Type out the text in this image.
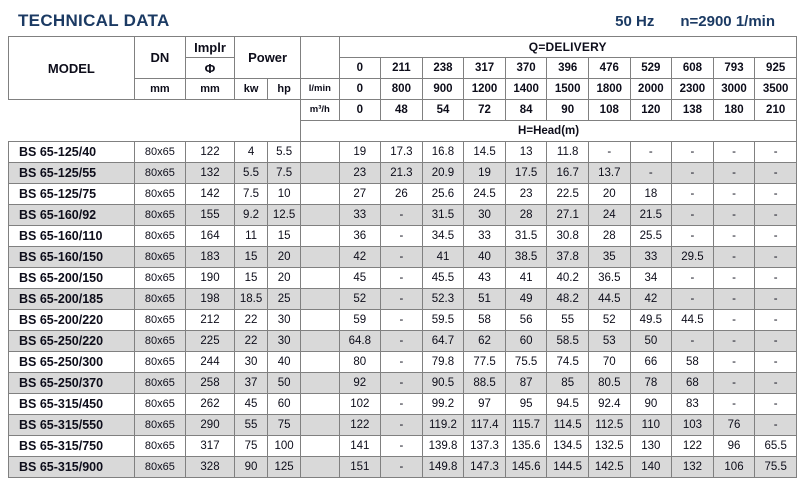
TECHNICAL DATA	50 Hz n=2900 1/min
MODEL	DN	Implr	Power			Q=DELIVERY										
		Φ				0	211	238	317	370	396	476	529	608	793	925
	mm	mm	kw	hp	l/min	0	800	900	1200	1400	1500	1800	2000	2300	3000	3500
					m³/h	0	48	54	72	84	90	108	120	138	180	210
					H=Head(m)											
BS 65-125/40	80x65	122	4	5.5		19	17.3	16.8	14.5	13	11.8	-	-	-	-	-
BS 65-125/55	80x65	132	5.5	7.5		23	21.3	20.9	19	17.5	16.7	13.7	-	-	-	-
BS 65-125/75	80x65	142	7.5	10		27	26	25.6	24.5	23	22.5	20	18	-	-	-
BS 65-160/92	80x65	155	9.2	12.5		33	-	31.5	30	28	27.1	24	21.5	-	-	-
BS 65-160/110	80x65	164	11	15		36	-	34.5	33	31.5	30.8	28	25.5	-	-	-
BS 65-160/150	80x65	183	15	20		42	-	41	40	38.5	37.8	35	33	29.5	-	-
BS 65-200/150	80x65	190	15	20		45	-	45.5	43	41	40.2	36.5	34	-	-	-
BS 65-200/185	80x65	198	18.5	25		52	-	52.3	51	49	48.2	44.5	42	-	-	-
BS 65-200/220	80x65	212	22	30		59	-	59.5	58	56	55	52	49.5	44.5	-	-
BS 65-250/220	80x65	225	22	30		64.8	-	64.7	62	60	58.5	53	50	-	-	-
BS 65-250/300	80x65	244	30	40		80	-	79.8	77.5	75.5	74.5	70	66	58	-	-
BS 65-250/370	80x65	258	37	50		92	-	90.5	88.5	87	85	80.5	78	68	-	-
BS 65-315/450	80x65	262	45	60		102	-	99.2	97	95	94.5	92.4	90	83	-	-
BS 65-315/550	80x65	290	55	75		122	-	119.2	117.4	115.7	114.5	112.5	110	103	76	-
BS 65-315/750	80x65	317	75	100		141	-	139.8	137.3	135.6	134.5	132.5	130	122	96	65.5
BS 65-315/900	80x65	328	90	125		151	-	149.8	147.3	145.6	144.5	142.5	140	132	106	75.5
